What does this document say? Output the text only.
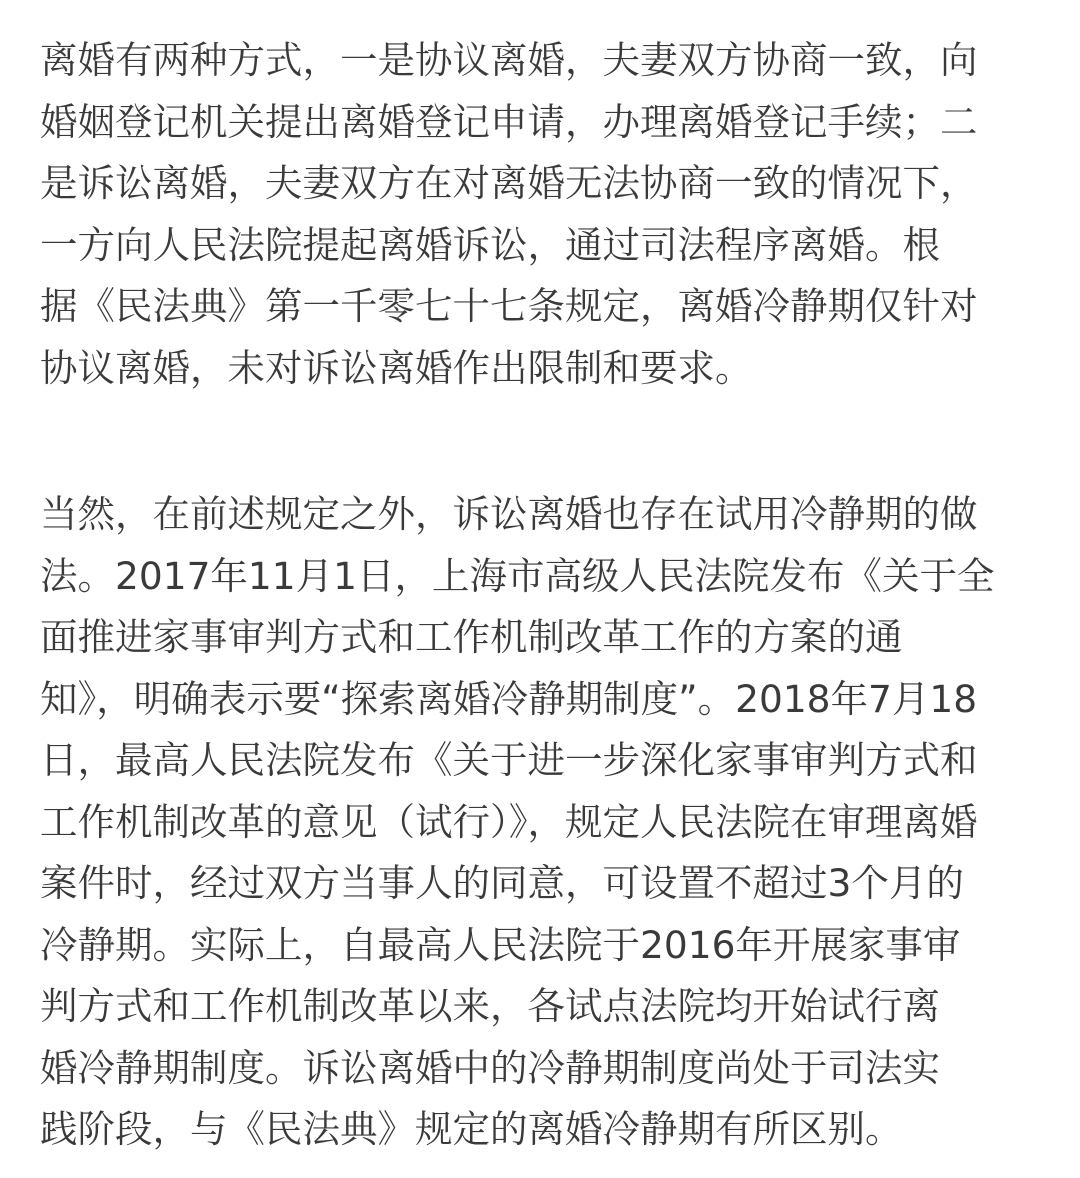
离婚有两种方式，一是协议离婚，夫妻双方协商一致，向
婚姻登记机关提出离婚登记申请，办理离婚登记手续；二
是诉讼离婚，夫妻双方在对离婚无法协商一致的情况下，
一方向人民法院提起离婚诉讼，通过司法程序离婚。根
据《民法典》第一千零七十七条规定，离婚冷静期仅针对
协议离婚，未对诉讼离婚作出限制和要求。

当然，在前述规定之外，诉讼离婚也存在试用冷静期的做
法。2017年11月1日，上海市高级人民法院发布《关于全
面推进家事审判方式和工作机制改革工作的方案的通
知》，明确表示要“探索离婚冷静期制度”。2018年7月18
日，最高人民法院发布《关于进一步深化家事审判方式和
工作机制改革的意见（试行）》，规定人民法院在审理离婚
案件时，经过双方当事人的同意，可设置不超过3个月的
冷静期。实际上，自最高人民法院于2016年开展家事审
判方式和工作机制改革以来，各试点法院均开始试行离
婚冷静期制度。诉讼离婚中的冷静期制度尚处于司法实
践阶段，与《民法典》规定的离婚冷静期有所区别。
